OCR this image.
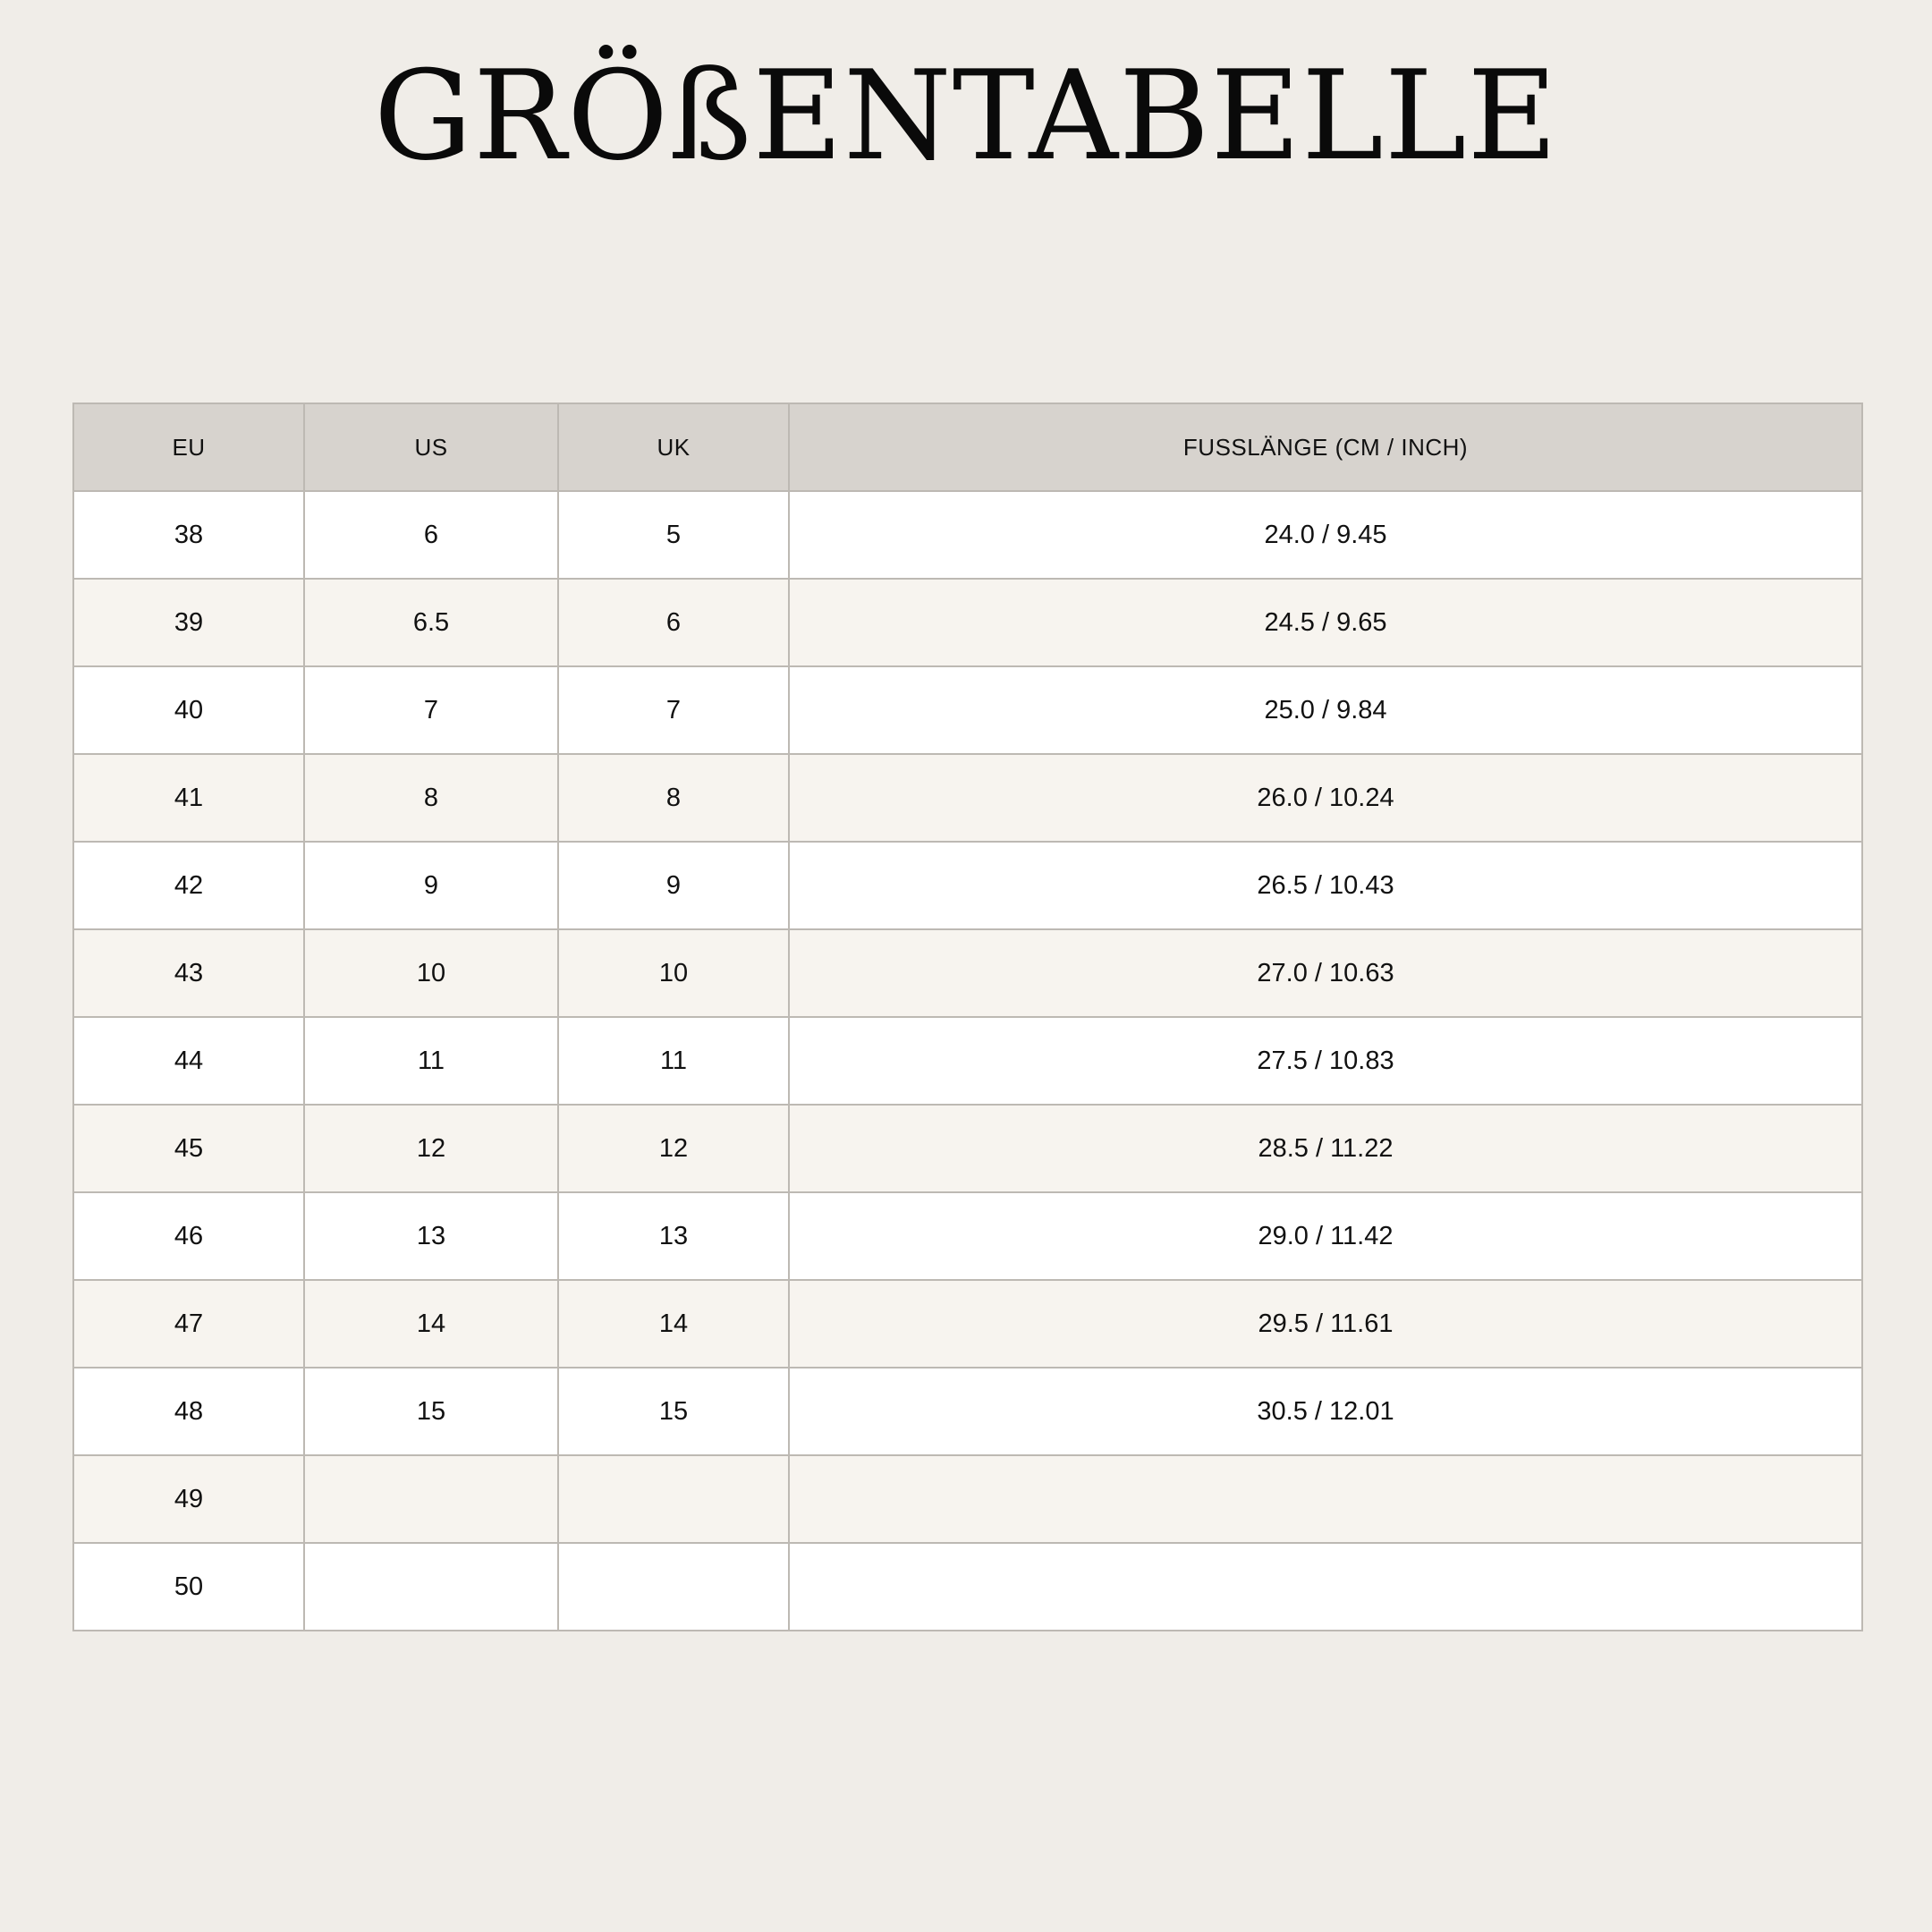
GRÖßENTABELLE
EU	US	UK	FUSSLÄNGE (CM / INCH)
38	6	5	24.0 / 9.45
39	6.5	6	24.5 / 9.65
40	7	7	25.0 / 9.84
41	8	8	26.0 / 10.24
42	9	9	26.5 / 10.43
43	10	10	27.0 / 10.63
44	11	11	27.5 / 10.83
45	12	12	28.5 / 11.22
46	13	13	29.0 / 11.42
47	14	14	29.5 / 11.61
48	15	15	30.5 / 12.01
49			
50			
